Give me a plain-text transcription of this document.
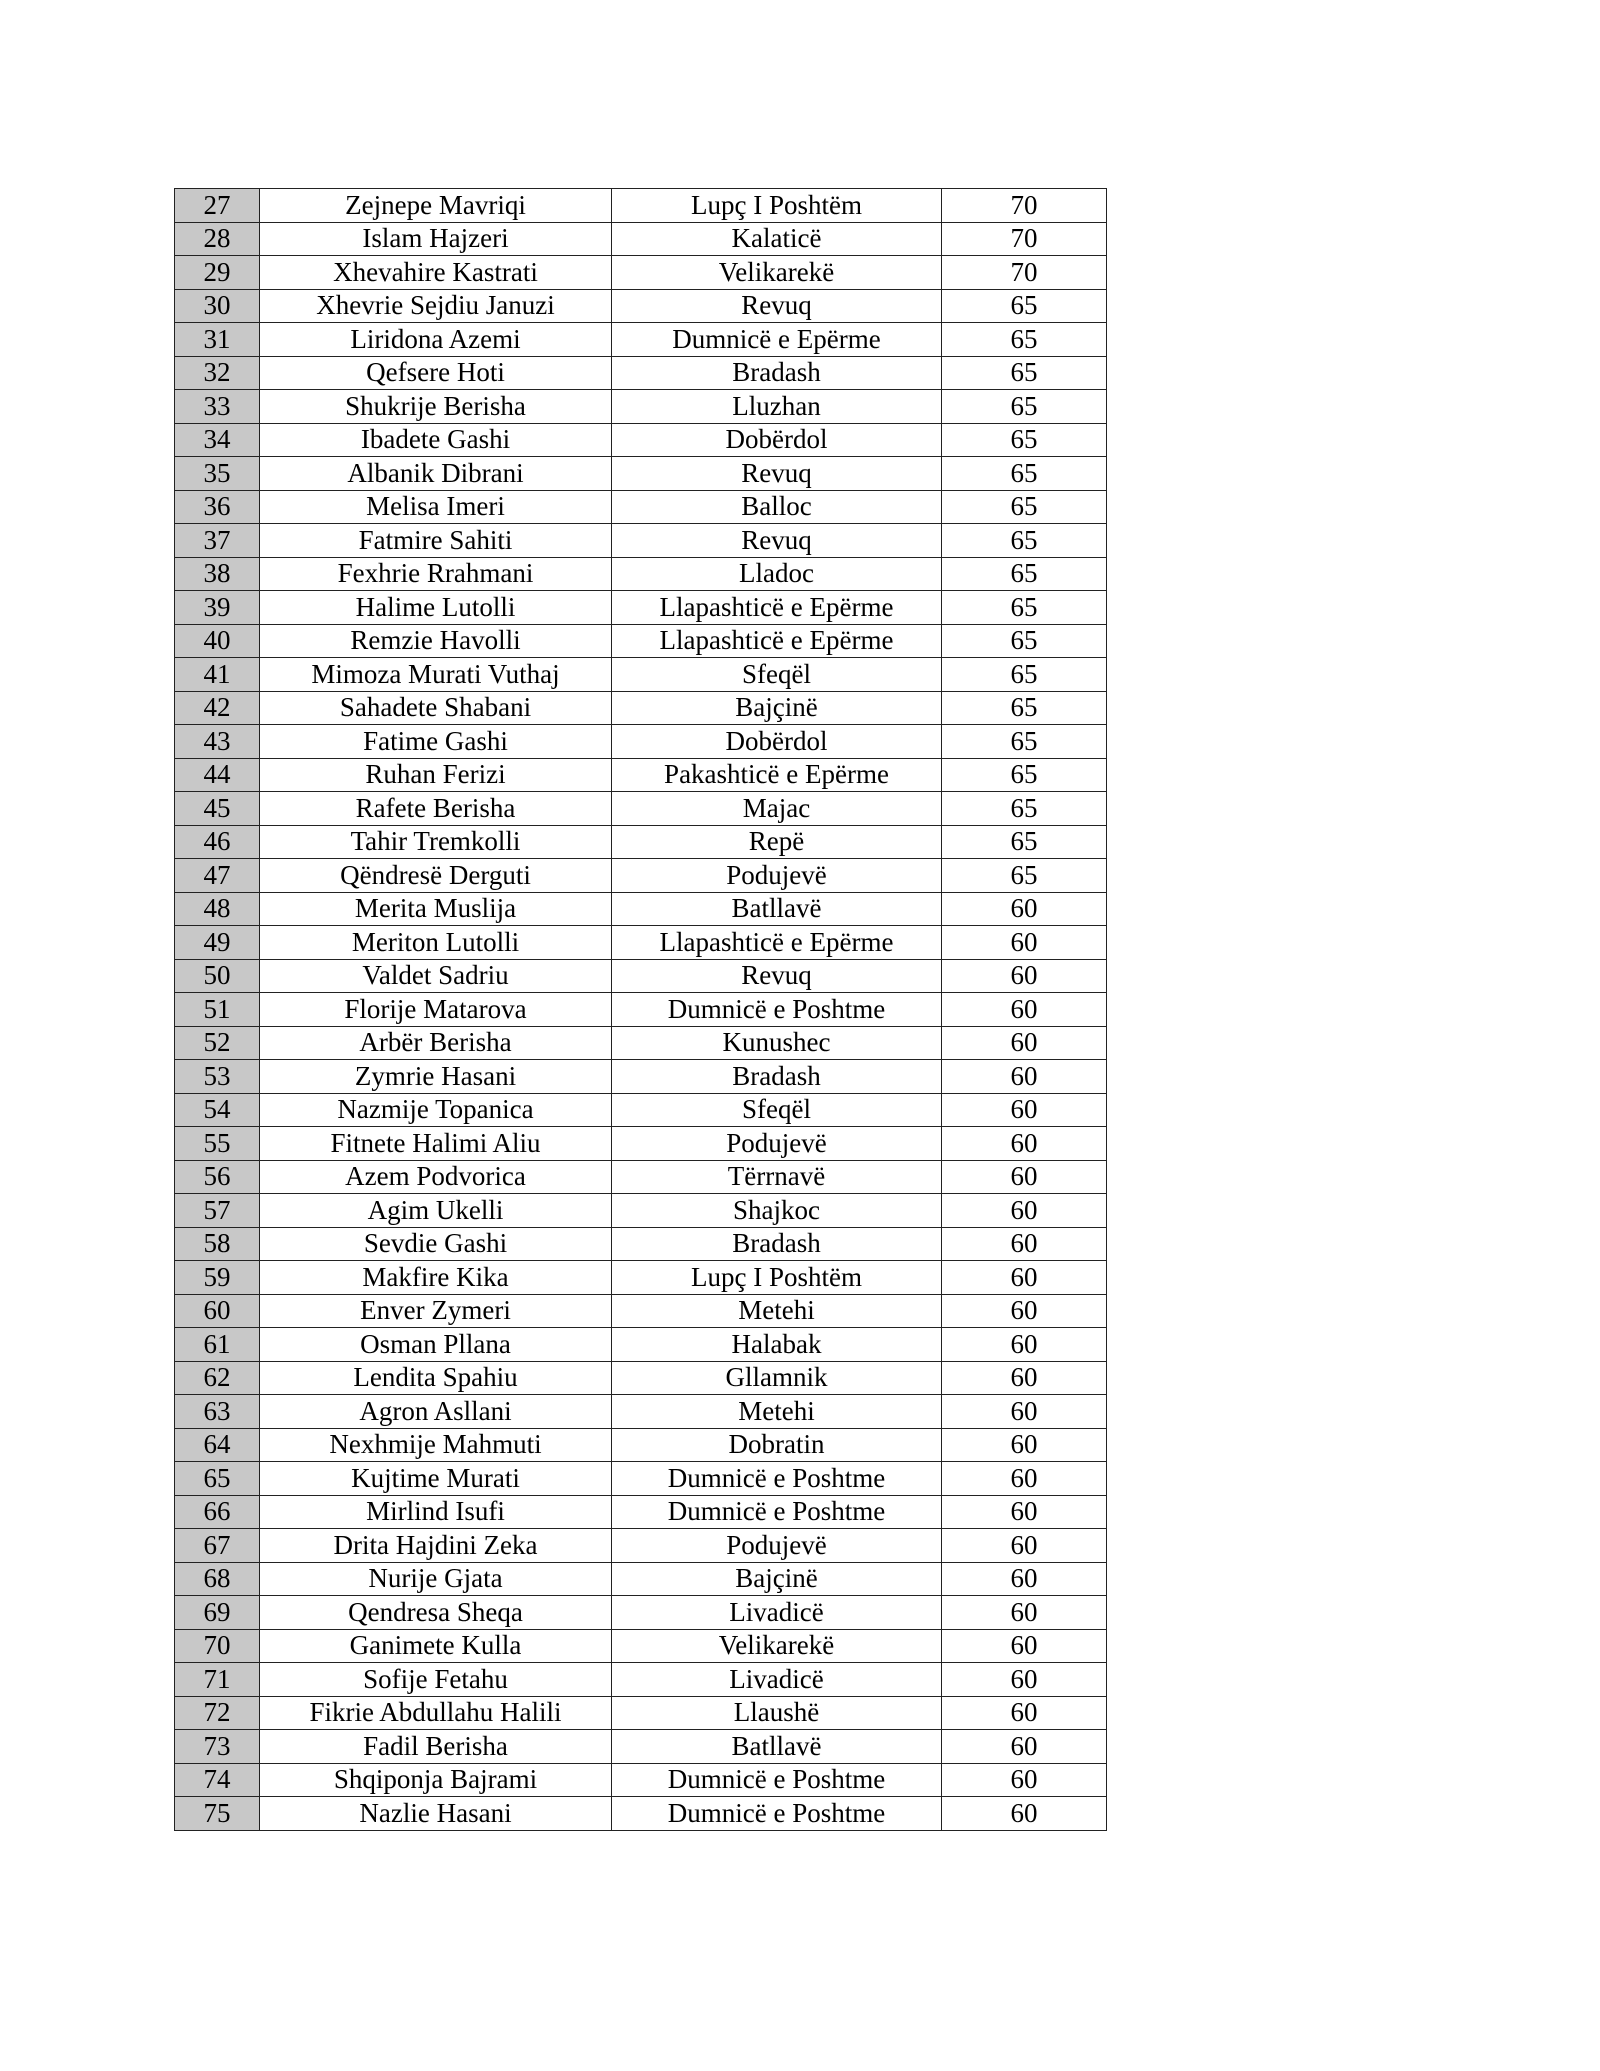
27	Zejnepe Mavriqi	Lupç I Poshtëm	70
28	Islam Hajzeri	Kalaticë	70
29	Xhevahire Kastrati	Velikarekë	70
30	Xhevrie Sejdiu Januzi	Revuq	65
31	Liridona Azemi	Dumnicë e Epërme	65
32	Qefsere Hoti	Bradash	65
33	Shukrije Berisha	Lluzhan	65
34	Ibadete Gashi	Dobërdol	65
35	Albanik Dibrani	Revuq	65
36	Melisa Imeri	Balloc	65
37	Fatmire Sahiti	Revuq	65
38	Fexhrie Rrahmani	Lladoc	65
39	Halime Lutolli	Llapashticë e Epërme	65
40	Remzie Havolli	Llapashticë e Epërme	65
41	Mimoza Murati Vuthaj	Sfeqël	65
42	Sahadete Shabani	Bajçinë	65
43	Fatime Gashi	Dobërdol	65
44	Ruhan Ferizi	Pakashticë e Epërme	65
45	Rafete Berisha	Majac	65
46	Tahir Tremkolli	Repë	65
47	Qëndresë Derguti	Podujevë	65
48	Merita Muslija	Batllavë	60
49	Meriton Lutolli	Llapashticë e Epërme	60
50	Valdet Sadriu	Revuq	60
51	Florije Matarova	Dumnicë e Poshtme	60
52	Arbër Berisha	Kunushec	60
53	Zymrie Hasani	Bradash	60
54	Nazmije Topanica	Sfeqël	60
55	Fitnete Halimi Aliu	Podujevë	60
56	Azem Podvorica	Tërrnavë	60
57	Agim Ukelli	Shajkoc	60
58	Sevdie Gashi	Bradash	60
59	Makfire Kika	Lupç I Poshtëm	60
60	Enver Zymeri	Metehi	60
61	Osman Pllana	Halabak	60
62	Lendita Spahiu	Gllamnik	60
63	Agron Asllani	Metehi	60
64	Nexhmije Mahmuti	Dobratin	60
65	Kujtime Murati	Dumnicë e Poshtme	60
66	Mirlind Isufi	Dumnicë e Poshtme	60
67	Drita Hajdini Zeka	Podujevë	60
68	Nurije Gjata	Bajçinë	60
69	Qendresa Sheqa	Livadicë	60
70	Ganimete Kulla	Velikarekë	60
71	Sofije Fetahu	Livadicë	60
72	Fikrie Abdullahu Halili	Llaushë	60
73	Fadil Berisha	Batllavë	60
74	Shqiponja Bajrami	Dumnicë e Poshtme	60
75	Nazlie Hasani	Dumnicë e Poshtme	60
